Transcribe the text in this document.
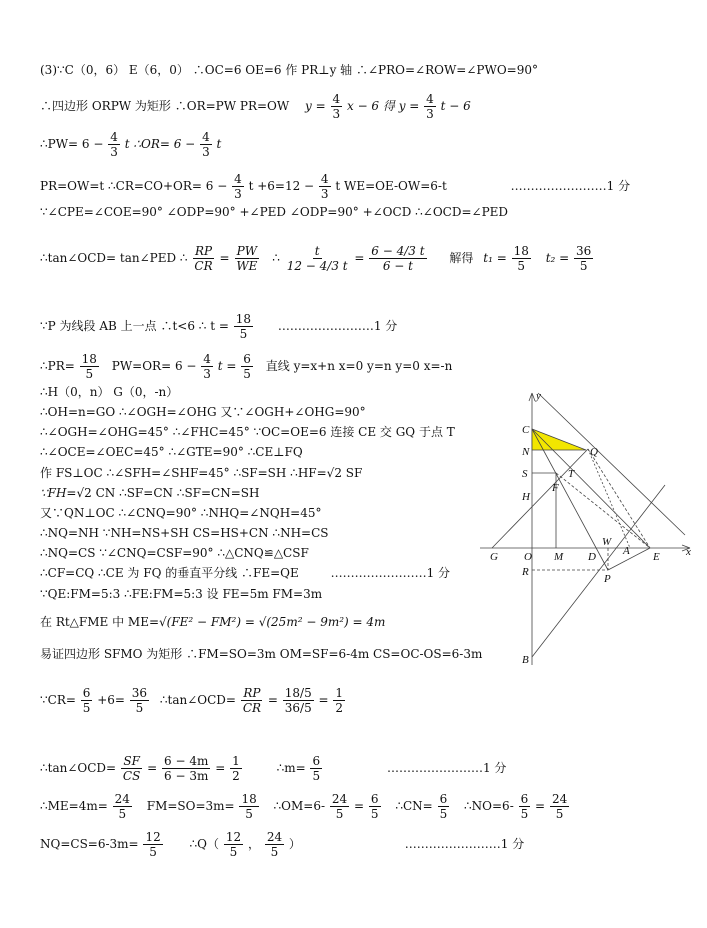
(3)∵C（0，6） E（6，0） ∴OC=6 OE=6 作 PR⊥y 轴 ∴∠PRO=∠ROW=∠PWO=90°
∴四边形 ORPW 为矩形 ∴OR=PW PR=OW $y = \frac{4}{3}$ x − 6 得 $y = \frac{4}{3}$ t − 6
∴PW= $6 - \frac{4}{3}$ t ∴OR= $6 - \frac{4}{3}$ t
PR=OW=t ∴CR=CO+OR= $6 - \frac{4}{3}$ $t +6=12 - \frac{4}{3}$ t WE=OE-OW=6-t	……………………1 分
∵∠CPE=∠COE=90° ∠ODP=90° +∠PED ∠ODP=90° +∠OCD ∴∠OCD=∠PED
∴tan∠OCD= tan∠PED ∴ $\frac{RP}{CR} = \frac{PW}{WE}$ ∴ $\frac{t}{12 - 4/3 t} = \frac{6 - 4/3 t}{6 - t}$ 解得 $t_1 = \frac{18}{5} t_2 = \frac{36}{5}$
∵P 为线段 AB 上一点 ∴t<6 ∴ $t = \frac{18}{5}$ ……………………1 分
∴PR= $\frac{18}{5} PW=OR= 6 - \frac{4}{3}$ $t = \frac{6}{5}$ 直线 y=x+n x=0 y=n y=0 x=-n
∴H（0，n） G（0，-n）
∴OH=n=GO ∴∠OGH=∠OHG 又∵∠OGH+∠OHG=90°
∴∠OGH=∠OHG=45° ∴∠FHC=45° ∵OC=OE=6 连接 CE 交 GQ 于点 T
∴∠OCE=∠OEC=45° ∴∠GTE=90° ∴CE⊥FQ
作 FS⊥OC ∴∠SFH=∠SHF=45° ∴SF=SH ∴HF=√2 SF
∵FH=√2 CN ∴SF=CN ∴SF=CN=SH
又∵QN⊥OC ∴∠CNQ=90° ∴NHQ=∠NQH=45°
∴NQ=NH ∵NH=NS+SH CS=HS+CN ∴NH=CS
∴NQ=CS ∵∠CNQ=CSF=90° ∴△CNQ≌△CSF
∴CF=CQ ∴CE 为 FQ 的垂直平分线 ∴FE=QE	……………………1 分
∵QE:FM=5:3 ∴FE:FM=5:3 设 FE=5m FM=3m
在 Rt△FME 中 ME=√(FE² − FM²) = √(25m² − 9m²) = 4m
易证四边形 SFMO 为矩形 ∴FM=SO=3m OM=SF=6-4m CS=OC-OS=6-3m
∵CR= $\frac{6}{5} +6= \frac{36}{5}$ ∴tan∠OCD= $\frac{RP}{CR} = \frac{18/5}{36/5} = \frac{1}{2}$
∴tan∠OCD= $\frac{SF}{CS} = \frac{6 - 4m}{6 - 3m} = \frac{1}{2}$	∴m= $\frac{6}{5}$	……………………1 分
∴ME=4m= $\frac{24}{5} FM=SO=3m= \frac{18}{5}$ ∴OM=6- $\frac{24}{5} = \frac{6}{5}$ ∴CN= $\frac{6}{5}$ ∴NO=6- $\frac{6}{5} = \frac{24}{5}$
$NQ=CS=6-3m= \frac{12}{5}$ ∴Q（ $\frac{12}{5}$ ， $\frac{24}{5}$ ）	……………………1 分
y
x
C
N	Q
S	T
F
H
G O M D
W
A E
R
P
B
